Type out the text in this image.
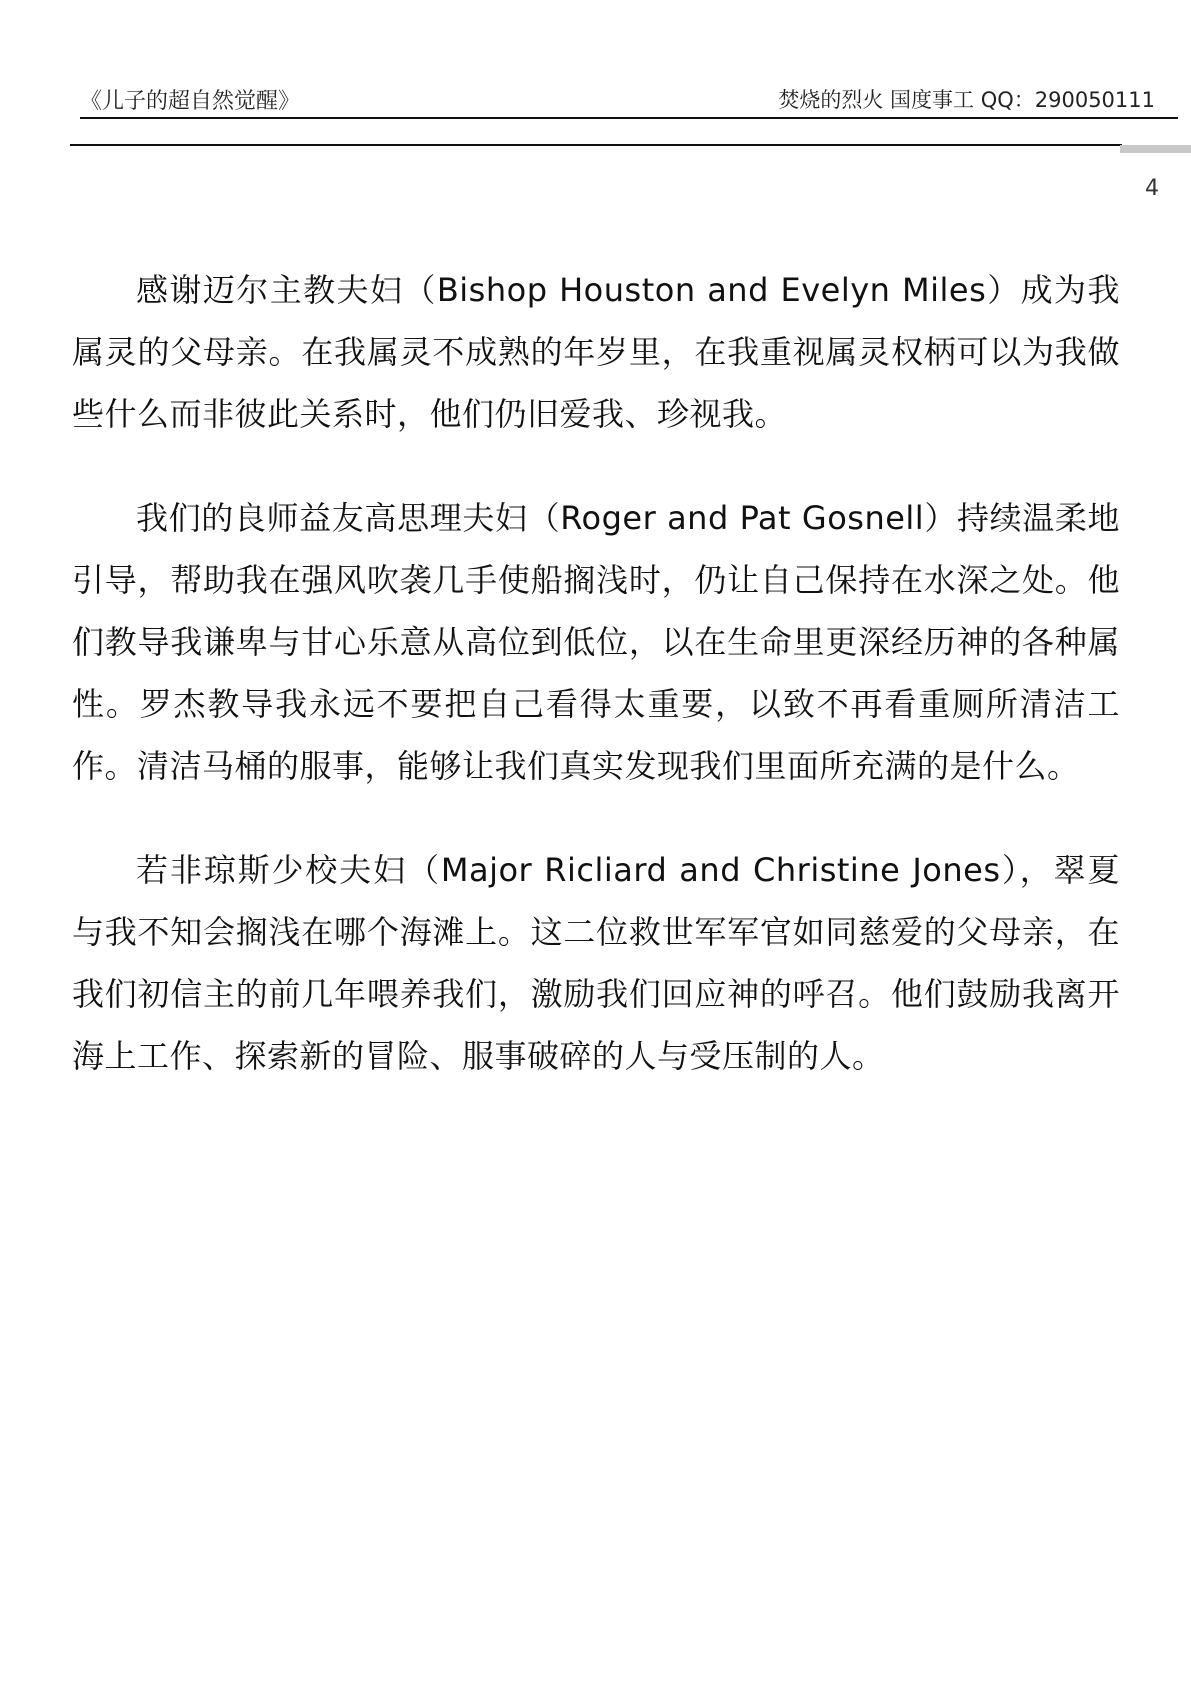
《儿子的超自然觉醒》	焚烧的烈火 国度事工 QQ：290050111
4

感谢迈尔主教夫妇（Bishop Houston and Evelyn Miles）成为我属灵的父母亲。在我属灵不成熟的年岁里，在我重视属灵权柄可以为我做些什么而非彼此关系时，他们仍旧爱我、珍视我。

我们的良师益友高思理夫妇（Roger and Pat Gosnell）持续温柔地引导，帮助我在强风吹袭几手使船搁浅时，仍让自己保持在水深之处。他们教导我谦卑与甘心乐意从高位到低位，以在生命里更深经历神的各种属性。罗杰教导我永远不要把自己看得太重要，以致不再看重厕所清洁工作。清洁马桶的服事，能够让我们真实发现我们里面所充满的是什么。

若非琼斯少校夫妇（Major Ricliard and Christine Jones），翠夏与我不知会搁浅在哪个海滩上。这二位救世军军官如同慈爱的父母亲，在我们初信主的前几年喂养我们，激励我们回应神的呼召。他们鼓励我离开海上工作、探索新的冒险、服事破碎的人与受压制的人。
